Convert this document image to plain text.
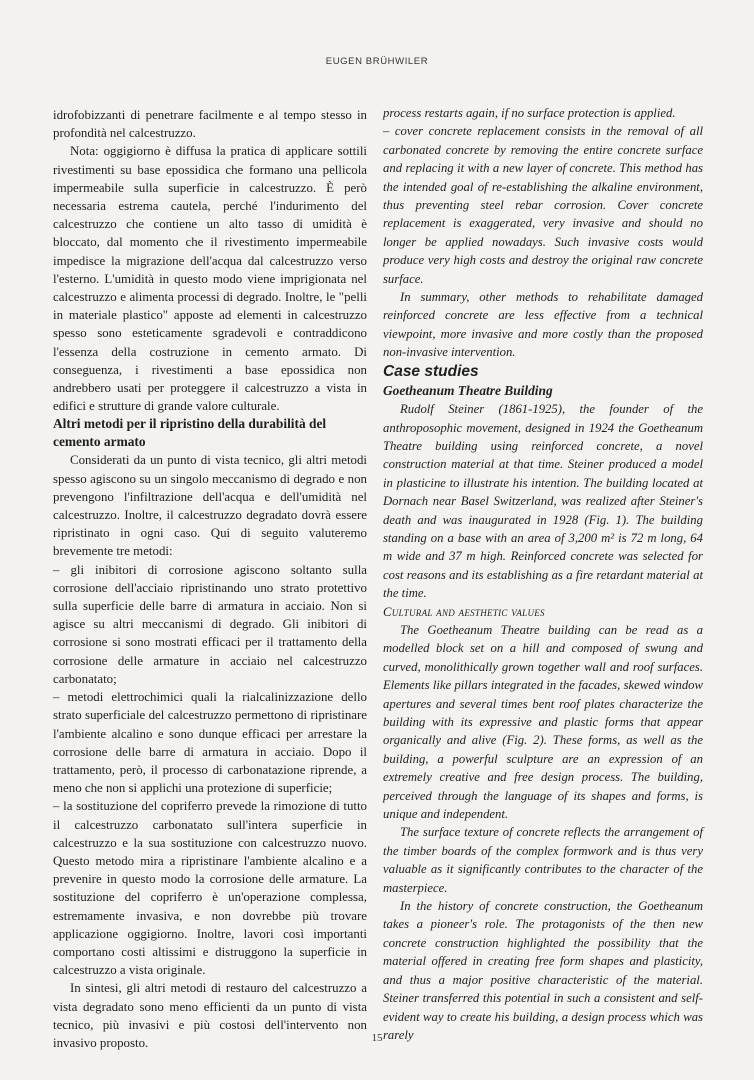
EUGEN BRÜHWILER

idrofobizzanti di penetrare facilmente e al tempo stesso in profondità nel calcestruzzo.

Nota: oggigiorno è diffusa la pratica di applicare sottili rivestimenti su base epossidica che formano una pellicola impermeabile sulla superficie in calcestruzzo. È però necessaria estrema cautela, perché l'indurimento del calcestruzzo che contiene un alto tasso di umidità è bloccato, dal momento che il rivestimento impermeabile impedisce la migrazione dell'acqua dal calcestruzzo verso l'esterno. L'umidità in questo modo viene imprigionata nel calcestruzzo e alimenta processi di degrado. Inoltre, le "pelli in materiale plastico" apposte ad elementi in calcestruzzo spesso sono esteticamente sgradevoli e contraddicono l'essenza della costruzione in cemento armato. Di conseguenza, i rivestimenti a base epossidica non andrebbero usati per proteggere il calcestruzzo a vista in edifici e strutture di grande valore culturale.

Altri metodi per il ripristino della durabilità del cemento armato

Considerati da un punto di vista tecnico, gli altri metodi spesso agiscono su un singolo meccanismo di degrado e non prevengono l'infiltrazione dell'acqua e dell'umidità nel calcestruzzo. Inoltre, il calcestruzzo degradato dovrà essere ripristinato in ogni caso. Qui di seguito valuteremo brevemente tre metodi:

– gli inibitori di corrosione agiscono soltanto sulla corrosione dell'acciaio ripristinando uno strato protettivo sulla superficie delle barre di armatura in acciaio. Non si agisce su altri meccanismi di degrado. Gli inibitori di corrosione si sono mostrati efficaci per il trattamento della corrosione delle armature in acciaio nel calcestruzzo carbonatato;

– metodi elettrochimici quali la rialcalinizzazione dello strato superficiale del calcestruzzo permettono di ripristinare l'ambiente alcalino e sono dunque efficaci per arrestare la corrosione delle barre di armatura in acciaio. Dopo il trattamento, però, il processo di carbonatazione riprende, a meno che non si applichi una protezione di superficie;

– la sostituzione del copriferro prevede la rimozione di tutto il calcestruzzo carbonatato sull'intera superficie in calcestruzzo e la sua sostituzione con calcestruzzo nuovo. Questo metodo mira a ripristinare l'ambiente alcalino e a prevenire in questo modo la corrosione delle armature. La sostituzione del copriferro è un'operazione complessa, estremamente invasiva, e non dovrebbe più trovare applicazione oggigiorno. Inoltre, lavori così importanti comportano costi altissimi e distruggono la superficie in calcestruzzo a vista originale.

In sintesi, gli altri metodi di restauro del calcestruzzo a vista degradato sono meno efficienti da un punto di vista tecnico, più invasivi e più costosi dell'intervento non invasivo proposto.

process restarts again, if no surface protection is applied.

– cover concrete replacement consists in the removal of all carbonated concrete by removing the entire concrete surface and replacing it with a new layer of concrete. This method has the intended goal of re-establishing the alkaline environment, thus preventing steel rebar corrosion. Cover concrete replacement is exaggerated, very invasive and should no longer be applied nowadays. Such invasive costs would produce very high costs and destroy the original raw concrete surface.

In summary, other methods to rehabilitate damaged reinforced concrete are less effective from a technical viewpoint, more invasive and more costly than the proposed non-invasive intervention.

Case studies

Goetheanum Theatre Building

Rudolf Steiner (1861-1925), the founder of the anthroposophic movement, designed in 1924 the Goetheanum Theatre building using reinforced concrete, a novel construction material at that time. Steiner produced a model in plasticine to illustrate his intention. The building located at Dornach near Basel Switzerland, was realized after Steiner's death and was inaugurated in 1928 (Fig. 1). The building standing on a base with an area of 3,200 m² is 72 m long, 64 m wide and 37 m high. Reinforced concrete was selected for cost reasons and its establishing as a fire retardant material at the time.

Cultural and aesthetic values

The Goetheanum Theatre building can be read as a modelled block set on a hill and composed of swung and curved, monolithically grown together wall and roof surfaces. Elements like pillars integrated in the facades, skewed window apertures and several times bent roof plates characterize the building with its expressive and plastic forms that appear organically and alive (Fig. 2). These forms, as well as the building, a powerful sculpture are an expression of an extremely creative and free design process. The building, perceived through the language of its shapes and forms, is unique and independent.

The surface texture of concrete reflects the arrangement of the timber boards of the complex formwork and is thus very valuable as it significantly contributes to the character of the masterpiece.

In the history of concrete construction, the Goetheanum takes a pioneer's role. The protagonists of the then new concrete construction highlighted the possibility that the material offered in creating free form shapes and plasticity, and thus a major positive characteristic of the material. Steiner transferred this potential in such a consistent and self-evident way to create his building, a design process which was rarely

15
